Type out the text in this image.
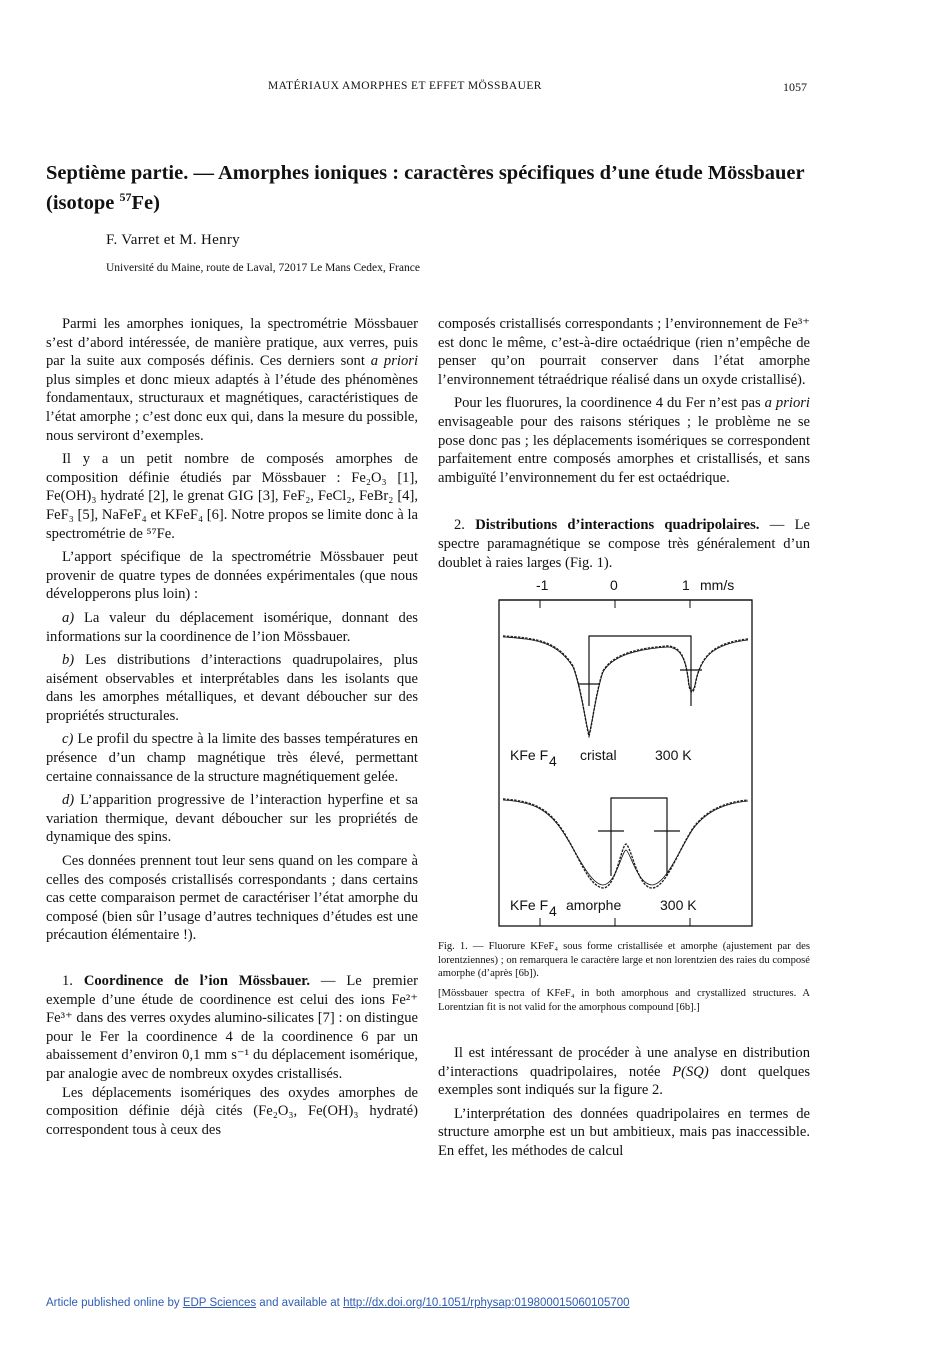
MATÉRIAUX AMORPHES ET EFFET MÖSSBAUER	1057
Septième partie. — Amorphes ioniques : caractères spécifiques d’une étude Mössbauer (isotope $^{57}$Fe)
F. Varret et M. Henry
Université du Maine, route de Laval, 72017 Le Mans Cedex, France

Parmi les amorphes ioniques, la spectrométrie Mössbauer s’est d’abord intéressée, de manière pratique, aux verres, puis par la suite aux composés définis. Ces derniers sont a priori plus simples et donc mieux adaptés à l’étude des phénomènes fondamentaux, structuraux et magnétiques, caractéristiques de l’état amorphe ; c’est donc eux qui, dans la mesure du possible, nous serviront d’exemples.

Il y a un petit nombre de composés amorphes de composition définie étudiés par Mössbauer : Fe₂O₃ [1], Fe(OH)₃ hydraté [2], le grenat GIG [3], FeF₂, FeCl₂, FeBr₂ [4], FeF₃ [5], NaFeF₄ et KFeF₄ [6]. Notre propos se limite donc à la spectrométrie de ⁵⁷Fe.

L’apport spécifique de la spectrométrie Mössbauer peut provenir de quatre types de données expérimentales (que nous développerons plus loin) :

a) La valeur du déplacement isomérique, donnant des informations sur la coordinence de l’ion Mössbauer.

b) Les distributions d’interactions quadrupolaires, plus aisément observables et interprétables dans les isolants que dans les amorphes métalliques, et devant déboucher sur des propriétés structurales.

c) Le profil du spectre à la limite des basses températures en présence d’un champ magnétique très élevé, permettant certaine connaissance de la structure magnétiquement gelée.

d) L’apparition progressive de l’interaction hyperfine et sa variation thermique, devant déboucher sur les propriétés de dynamique des spins.

Ces données prennent tout leur sens quand on les compare à celles des composés cristallisés correspondants ; dans certains cas cette comparaison permet de caractériser l’état amorphe du composé (bien sûr l’usage d’autres techniques d’études est une précaution élémentaire !).

1. Coordinence de l’ion Mössbauer. — Le premier exemple d’une étude de coordinence est celui des ions Fe²⁺ Fe³⁺ dans des verres oxydes alumino-silicates [7] : on distingue pour le Fer la coordinence 4 de la coordinence 6 par un abaissement d’environ 0,1 mm s⁻¹ du déplacement isomérique, par analogie avec de nombreux oxydes cristallisés.

Les déplacements isomériques des oxydes amorphes de composition définie déjà cités (Fe₂O₃, Fe(OH)₃ hydraté) correspondent tous à ceux des

composés cristallisés correspondants ; l’environnement de Fe³⁺ est donc le même, c’est-à-dire octaédrique (rien n’empêche de penser qu’on pourrait conserver dans l’état amorphe l’environnement tétraédrique réalisé dans un oxyde cristallisé).

Pour les fluorures, la coordinence 4 du Fer n’est pas a priori envisageable pour des raisons stériques ; le problème ne se pose donc pas ; les déplacements isomériques se correspondent parfaitement entre composés amorphes et cristallisés, et sans ambiguïté l’environnement du fer est octaédrique.

2. Distributions d’interactions quadripolaires. — Le spectre paramagnétique se compose très généralement d’un doublet à raies larges (Fig. 1).
-1	0	1 mm/s
KFe F 4 cristal	300 K
KFe F 4 amorphe	300 K

Fig. 1. — Fluorure KFeF₄ sous forme cristallisée et amorphe (ajustement par des lorentziennes) ; on remarquera le caractère large et non lorentzien des raies du composé amorphe (d’après [6b]).

[Mössbauer spectra of KFeF₄ in both amorphous and crystallized structures. A Lorentzian fit is not valid for the amorphous compound [6b].]

Il est intéressant de procéder à une analyse en distribution d’interactions quadripolaires, notée P(SQ) dont quelques exemples sont indiqués sur la figure 2.

L’interprétation des données quadripolaires en termes de structure amorphe est un but ambitieux, mais pas inaccessible. En effet, les méthodes de calcul

Article published online by EDP Sciences and available at http://dx.doi.org/10.1051/rphysap:019800015060105700
